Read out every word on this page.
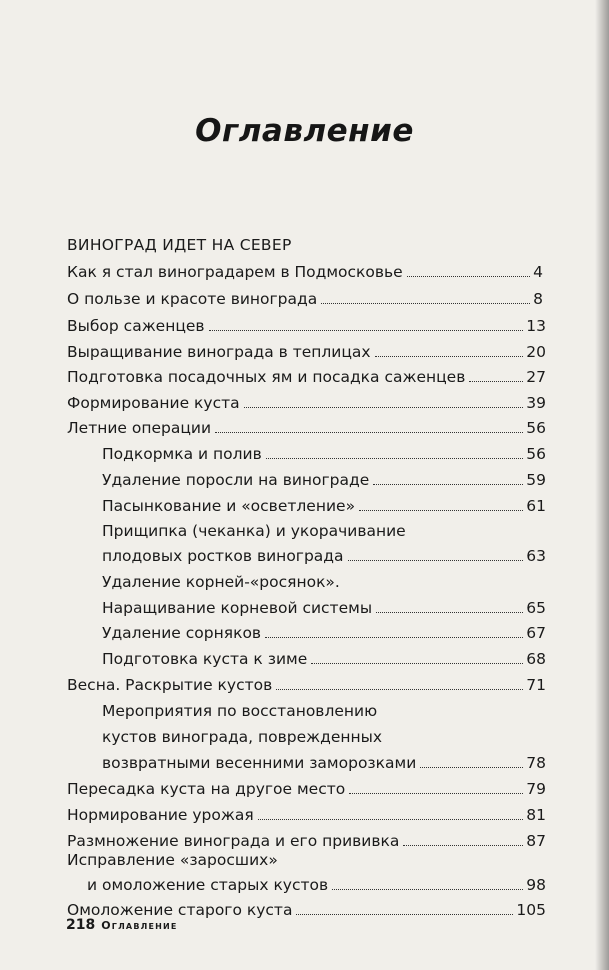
Оглавление
ВИНОГРАД ИДЕТ НА СЕВЕР
Как я стал виноградарем в Подмосковье	4
О пользе и красоте винограда	8
Выбор саженцев	13
Выращивание винограда в теплицах	20
Подготовка посадочных ям и посадка саженцев	27
Формирование куста	39
Летние операции	56
Подкормка и полив	56
Удаление поросли на винограде	59
Пасынкование и «осветление»	61
Прищипка (чеканка) и укорачивание
плодовых ростков винограда	63
Удаление корней-«росянок».
Наращивание корневой системы	65
Удаление сорняков	67
Подготовка куста к зиме	68
Весна. Раскрытие кустов	71
Мероприятия по восстановлению
кустов винограда, поврежденных
возвратными весенними заморозками	78
Пересадка куста на другое место	79
Нормирование урожая	81
Размножение винограда и его прививка	87
Исправление «заросших»
и омоложение старых кустов	98
Омоложение старого куста	105
218 Оглавление
